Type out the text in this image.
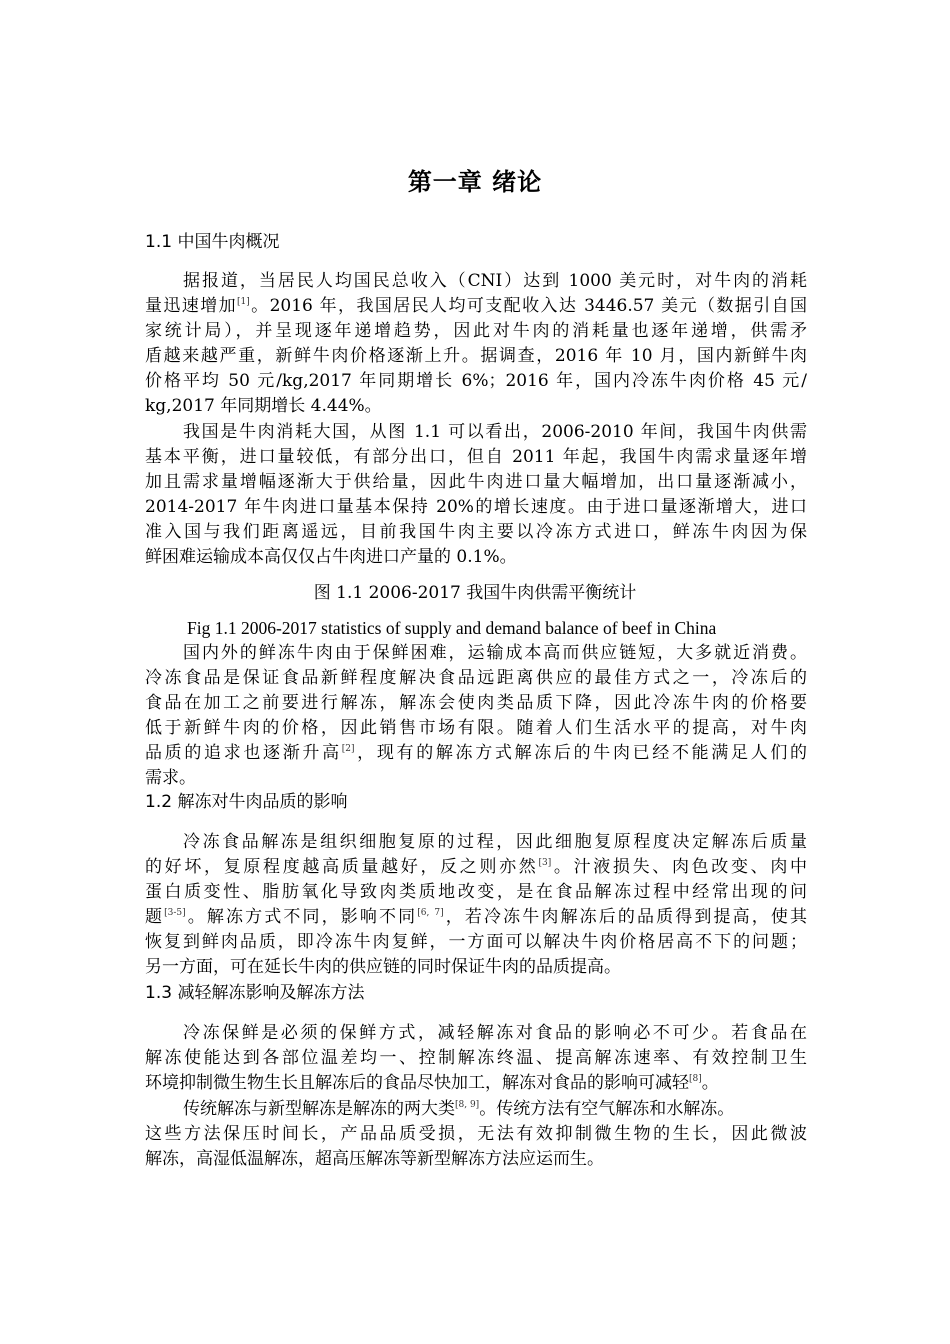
第一章 绪论
1.1 中国牛肉概况
据报道，当居民人均国民总收入（CNI）达到 1000 美元时，对牛肉的消耗
量迅速增加[1]。2016 年，我国居民人均可支配收入达 3446.57 美元（数据引自国
家统计局），并呈现逐年递增趋势，因此对牛肉的消耗量也逐年递增，供需矛
盾越来越严重，新鲜牛肉价格逐渐上升。据调查，2016 年 10 月，国内新鲜牛肉
价格平均 50 元/kg,2017 年同期增长 6%；2016 年，国内冷冻牛肉价格 45 元/
kg,2017 年同期增长 4.44%。
我国是牛肉消耗大国，从图 1.1 可以看出，2006-2010 年间，我国牛肉供需
基本平衡，进口量较低，有部分出口，但自 2011 年起，我国牛肉需求量逐年增
加且需求量增幅逐渐大于供给量，因此牛肉进口量大幅增加，出口量逐渐减小，
2014-2017 年牛肉进口量基本保持 20%的增长速度。由于进口量逐渐增大，进口
准入国与我们距离遥远，目前我国牛肉主要以冷冻方式进口，鲜冻牛肉因为保
鲜困难运输成本高仅仅占牛肉进口产量的 0.1%。
图 1.1 2006-2017 我国牛肉供需平衡统计
Fig 1.1 2006-2017 statistics of supply and demand balance of beef in China
国内外的鲜冻牛肉由于保鲜困难，运输成本高而供应链短，大多就近消费。
冷冻食品是保证食品新鲜程度解决食品远距离供应的最佳方式之一，冷冻后的
食品在加工之前要进行解冻，解冻会使肉类品质下降，因此冷冻牛肉的价格要
低于新鲜牛肉的价格，因此销售市场有限。随着人们生活水平的提高，对牛肉
品质的追求也逐渐升高[2]，现有的解冻方式解冻后的牛肉已经不能满足人们的
需求。
1.2 解冻对牛肉品质的影响
冷冻食品解冻是组织细胞复原的过程，因此细胞复原程度决定解冻后质量
的好坏，复原程度越高质量越好，反之则亦然[3]。汁液损失、肉色改变、肉中
蛋白质变性、脂肪氧化导致肉类质地改变，是在食品解冻过程中经常出现的问
题[3-5]。解冻方式不同，影响不同[6, 7]，若冷冻牛肉解冻后的品质得到提高，使其
恢复到鲜肉品质，即冷冻牛肉复鲜，一方面可以解决牛肉价格居高不下的问题；
另一方面，可在延长牛肉的供应链的同时保证牛肉的品质提高。
1.3 减轻解冻影响及解冻方法
冷冻保鲜是必须的保鲜方式，减轻解冻对食品的影响必不可少。若食品在
解冻使能达到各部位温差均一、控制解冻终温、提高解冻速率、有效控制卫生
环境抑制微生物生长且解冻后的食品尽快加工，解冻对食品的影响可减轻[8]。
传统解冻与新型解冻是解冻的两大类[8, 9]。传统方法有空气解冻和水解冻。
这些方法保压时间长，产品品质受损，无法有效抑制微生物的生长，因此微波
解冻，高湿低温解冻，超高压解冻等新型解冻方法应运而生。
